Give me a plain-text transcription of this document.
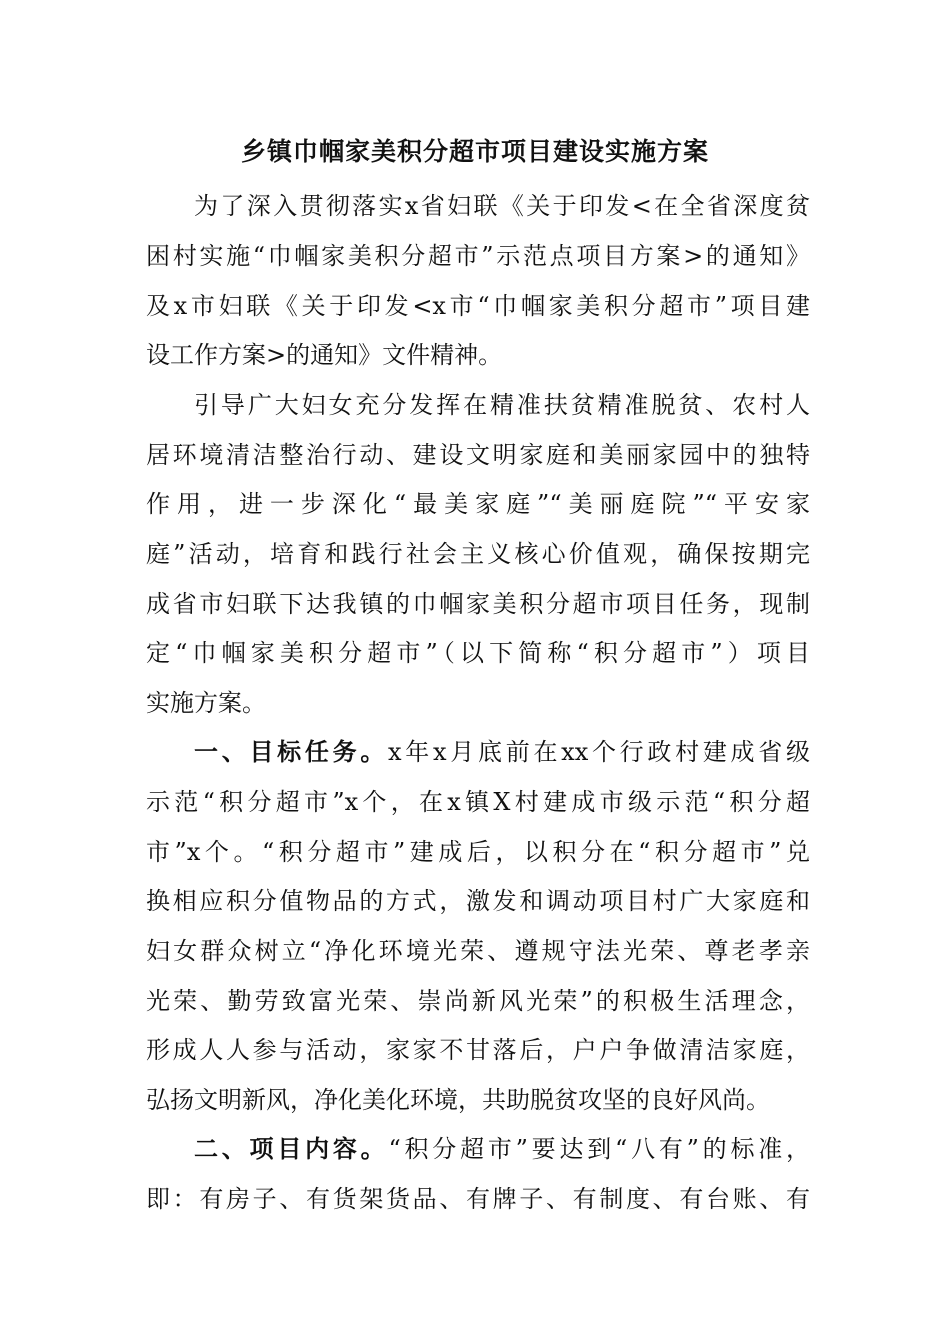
乡镇巾帼家美积分超市项目建设实施方案
为了深入贯彻落实x省妇联《关于印发<在全省深度贫
困村实施“巾帼家美积分超市”示范点项目方案>的通知》
及x市妇联《关于印发<x市“巾帼家美积分超市”项目建
设工作方案>的通知》文件精神。
引导广大妇女充分发挥在精准扶贫精准脱贫、农村人
居环境清洁整治行动、建设文明家庭和美丽家园中的独特
作用，进一步深化“最美家庭”“美丽庭院”“平安家
庭”活动，培育和践行社会主义核心价值观，确保按期完
成省市妇联下达我镇的巾帼家美积分超市项目任务，现制
定“巾帼家美积分超市”（以下简称“积分超市”）项目
实施方案。
一、目标任务。x年x月底前在xx个行政村建成省级
示范“积分超市”x个，在x镇X村建成市级示范“积分超
市”x个。“积分超市”建成后，以积分在“积分超市”兑
换相应积分值物品的方式，激发和调动项目村广大家庭和
妇女群众树立“净化环境光荣、遵规守法光荣、尊老孝亲
光荣、勤劳致富光荣、崇尚新风光荣”的积极生活理念，
形成人人参与活动，家家不甘落后，户户争做清洁家庭，
弘扬文明新风，净化美化环境，共助脱贫攻坚的良好风尚。
二、项目内容。“积分超市”要达到“八有”的标准，
即：有房子、有货架货品、有牌子、有制度、有台账、有
